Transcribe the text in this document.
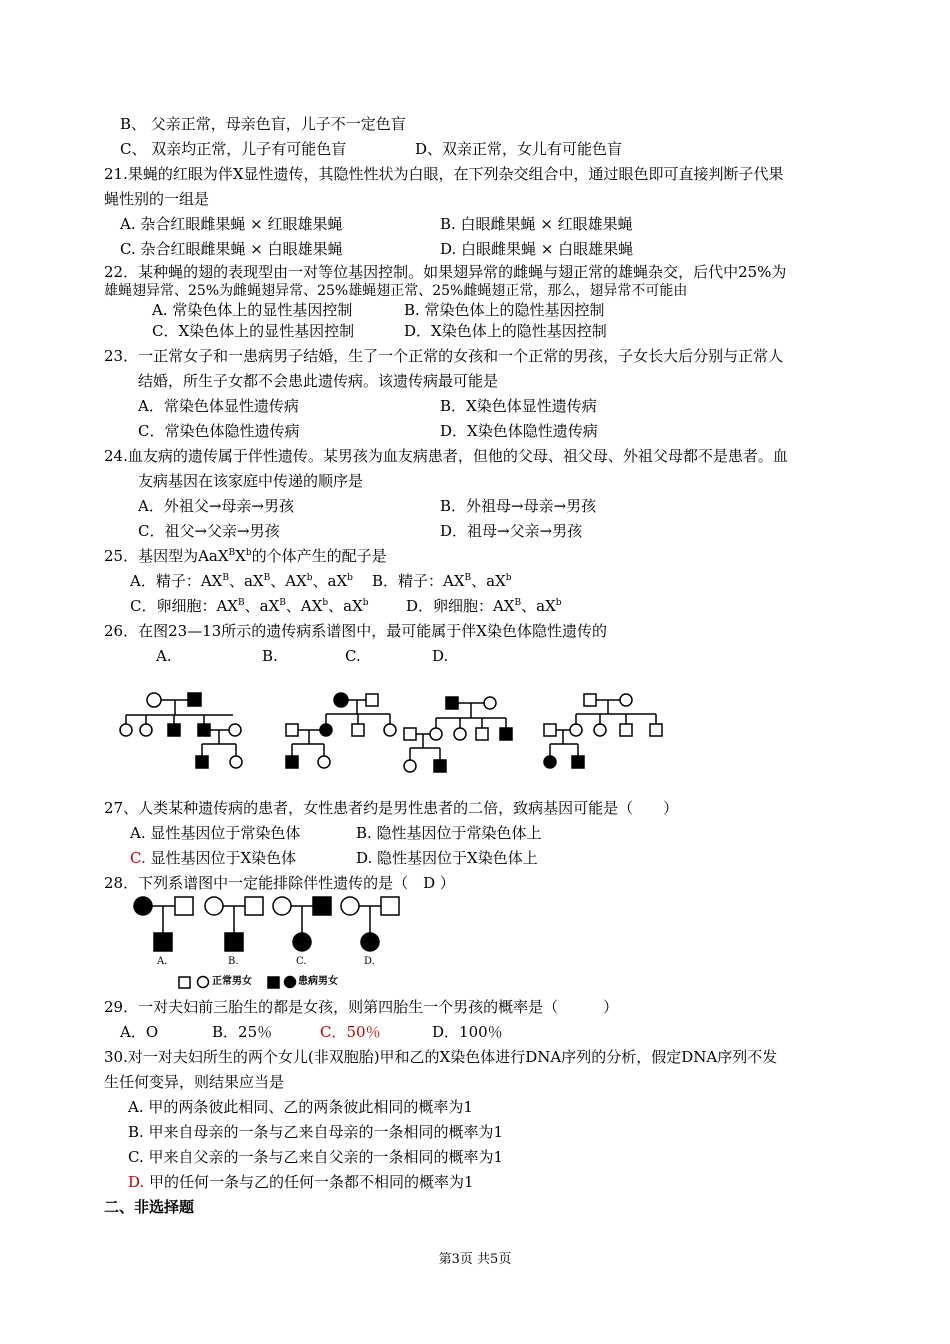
B、 父亲正常，母亲色盲，儿子不一定色盲
C、 双亲均正常，儿子有可能色盲	D、双亲正常，女儿有可能色盲
21.果蝇的红眼为伴X显性遗传，其隐性性状为白眼，在下列杂交组合中，通过眼色即可直接判断子代果
蝇性别的一组是
A. 杂合红眼雌果蝇 × 红眼雄果蝇	B. 白眼雌果蝇 × 红眼雄果蝇
C. 杂合红眼雌果蝇 × 白眼雄果蝇	D. 白眼雌果蝇 × 白眼雄果蝇
22．某种蝇的翅的表现型由一对等位基因控制。如果翅异常的雌蝇与翅正常的雄蝇杂交，后代中25%为
雄蝇翅异常、25%为雌蝇翅异常、25%雄蝇翅正常、25%雌蝇翅正常，那么，翅异常不可能由
A. 常染色体上的显性基因控制	B. 常染色体上的隐性基因控制
C．X染色体上的显性基因控制	D．X染色体上的隐性基因控制
23．一正常女子和一患病男子结婚，生了一个正常的女孩和一个正常的男孩，子女长大后分别与正常人
结婚，所生子女都不会患此遗传病。该遗传病最可能是
A．常染色体显性遗传病	B．X染色体显性遗传病
C．常染色体隐性遗传病	D．X染色体隐性遗传病
24.血友病的遗传属于伴性遗传。某男孩为血友病患者，但他的父母、祖父母、外祖父母都不是患者。血
友病基因在该家庭中传递的顺序是
A．外祖父→母亲→男孩	B．外祖母→母亲→男孩
C．祖父→父亲→男孩	D．祖母→父亲→男孩
25．基因型为$AaX^BX^b$的个体产生的配子是
A．精子：$AX^B$、$aX^B$、$AX^b$、$aX^b$ B．精子：$AX^B$、$aX^b$
C．卵细胞：$AX^B$、$aX^B$、$AX^b$、$aX^b$ D．卵细胞：$AX^B$、$aX^b$
26．在图23—13所示的遗传病系谱图中，最可能属于伴X染色体隐性遗传的
A.	B.	C.	D.
27、人类某种遗传病的患者，女性患者约是男性患者的二倍，致病基因可能是（　　）
A. 显性基因位于常染色体	B. 隐性基因位于常染色体上
C. 显性基因位于X染色体	D. 隐性基因位于X染色体上
28．下列系谱图中一定能排除伴性遗传的是（　D ）
A.	B.	C.	D.
正常男女	患病男女
29．一对夫妇前三胎生的都是女孩，则第四胎生一个男孩的概率是（　　　）
A．O	B．25％	C．50％	D．100％
30.对一对夫妇所生的两个女儿(非双胞胎)甲和乙的X染色体进行DNA序列的分析，假定DNA序列不发
生任何变异，则结果应当是
A. 甲的两条彼此相同、乙的两条彼此相同的概率为1
B. 甲来自母亲的一条与乙来自母亲的一条相同的概率为1
C. 甲来自父亲的一条与乙来自父亲的一条相同的概率为1
D. 甲的任何一条与乙的任何一条都不相同的概率为1
二、非选择题
第3页 共5页
